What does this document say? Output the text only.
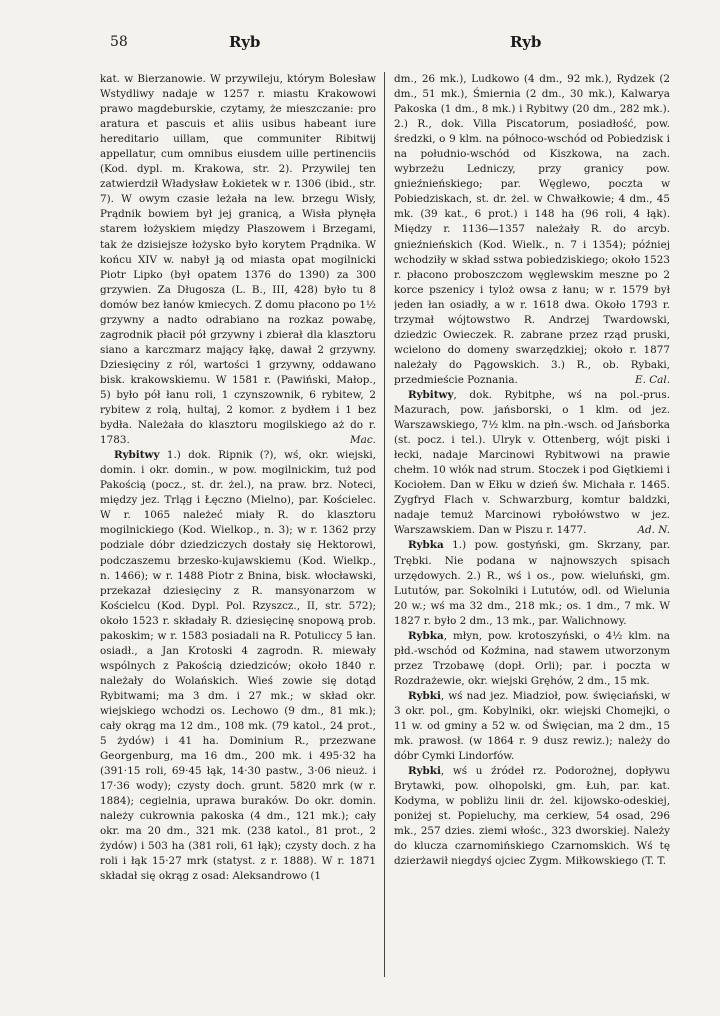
58	Ryb	Ryb

kat. w Bierzanowie. W przywileju, którym Bolesław Wstydliwy nadaje w 1257 r. miastu Krakowowi prawo magdeburskie, czytamy, że mieszczanie: pro aratura et pascuis et aliis usibus habeant iure hereditario uillam, que communiter Ribitwij appellatur, cum omnibus eiusdem uille pertinenciis (Kod. dypl. m. Krakowa, str. 2). Przywilej ten zatwierdził Władysław Łokietek w r. 1306 (ibid., str. 7). W owym czasie leżała na lew. brzegu Wisły, Prądnik bowiem był jej granicą, a Wisła płynęła starem łożyskiem między Płaszowem i Brzegami, tak że dzisiejsze łożysko było korytem Prądnika. W końcu XIV w. nabył ją od miasta opat mogilnicki Piotr Lipko (był opatem 1376 do 1390) za 300 grzywien. Za Długosza (L. B., III, 428) było tu 8 domów bez łanów kmiecych. Z domu płacono po 1½ grzywny a nadto odrabiano na rozkaz powabę, zagrodnik płacił pół grzywny i zbierał dla klasztoru siano a karczmarz mający łąkę, dawał 2 grzywny. Dziesięciny z ról, wartości 1 grzywny, oddawano bisk. krakowskiemu. W 1581 r. (Pawiński, Małop., 5) było pół łanu roli, 1 czynszownik, 6 rybitew, 2 rybitew z rolą, hultaj, 2 komor. z bydłem i 1 bez bydła. Należała do klasztoru mogilskiego aż do r. 1783.	Mac.

Rybitwy 1.) dok. Ripnik (?), wś, okr. wiejski, domin. i okr. domin., w pow. mogilnickim, tuż pod Pakością (pocz., st. dr. żel.), na praw. brz. Noteci, między jez. Trląg i Łęczno (Mielno), par. Kościelec. W r. 1065 należeć miały R. do klasztoru mogilnickiego (Kod. Wielkop., n. 3); w r. 1362 przy podziale dóbr dziedziczych dostały się Hektorowi, podczaszemu brzesko-kujawskiemu (Kod. Wielkp., n. 1466); w r. 1488 Piotr z Bnina, bisk. włocławski, przekazał dziesięciny z R. mansyonarzom w Kościelcu (Kod. Dypl. Pol. Rzyszcz., II, str. 572); około 1523 r. składały R. dziesięcinę snopową prob. pakoskim; w r. 1583 posiadali na R. Potuliccy 5 łan. osiadł., a Jan Krotoski 4 zagrodn. R. miewały wspólnych z Pakością dziedziców; około 1840 r. należały do Wolańskich. Wieś zowie się dotąd Rybitwami; ma 3 dm. i 27 mk.; w skład okr. wiejskiego wchodzi os. Lechowo (9 dm., 81 mk.); cały okrąg ma 12 dm., 108 mk. (79 katol., 24 prot., 5 żydów) i 41 ha. Dominium R., przezwane Georgenburg, ma 16 dm., 200 mk. i 495·32 ha (391·15 roli, 69·45 łąk, 14·30 pastw., 3·06 nieuż. i 17·36 wody); czysty doch. grunt. 5820 mrk (w r. 1884); cegielnia, uprawa buraków. Do okr. domin. należy cukrownia pakoska (4 dm., 121 mk.); cały okr. ma 20 dm., 321 mk. (238 katol., 81 prot., 2 żydów) i 503 ha (381 roli, 61 łąk); czysty doch. z ha roli i łąk 15·27 mrk (statyst. z r. 1888). W r. 1871 składał się okrąg z osad: Aleksandrowo (1

dm., 26 mk.), Ludkowo (4 dm., 92 mk.), Rydzek (2 dm., 51 mk.), Śmiernia (2 dm., 30 mk.), Kalwarya Pakoska (1 dm., 8 mk.) i Rybitwy (20 dm., 282 mk.). 2.) R., dok. Villa Piscatorum, posiadłość, pow. średzki, o 9 klm. na północo-wschód od Pobiedzisk i na południo-wschód od Kiszkowa, na zach. wybrzeżu Ledniczy, przy granicy pow. gnieźnieńskiego; par. Węglewo, poczta w Pobiedziskach, st. dr. żel. w Chwałkowie; 4 dm., 45 mk. (39 kat., 6 prot.) i 148 ha (96 roli, 4 łąk). Między r. 1136—1357 należały R. do arcyb. gnieźnieńskich (Kod. Wielk., n. 7 i 1354); później wchodziły w skład sstwa pobiedziskiego; około 1523 r. płacono proboszczom węglewskim meszne po 2 korce pszenicy i tyloż owsa z łanu; w r. 1579 był jeden łan osiadły, a w r. 1618 dwa. Około 1793 r. trzymał wójtowstwo R. Andrzej Twardowski, dziedzic Owieczek. R. zabrane przez rząd pruski, wcielono do domeny swarzędzkiej; około r. 1877 należały do Pągowskich. 3.) R., ob. Rybaki, przedmieście Poznania.	E. Cal.

Rybitwy, dok. Rybitphe, wś na pol.-prus. Mazurach, pow. jańsborski, o 1 klm. od jez. Warszawskiego, 7½ klm. na płn.-wsch. od Jańsborka (st. pocz. i tel.). Ulryk v. Ottenberg, wójt piski i łecki, nadaje Marcinowi Rybitwowi na prawie chełm. 10 włók nad strum. Stoczek i pod Giętkiemi i Kociołem. Dan w Ełku w dzień św. Michała r. 1465. Zygfryd Flach v. Schwarzburg, komtur baldzki, nadaje temuż Marcinowi rybołówstwo w jez. Warszawskiem. Dan w Piszu r. 1477.	Ad. N.

Rybka 1.) pow. gostyński, gm. Skrzany, par. Trębki. Nie podana w najnowszych spisach urzędowych. 2.) R., wś i os., pow. wieluński, gm. Lututów, par. Sokolniki i Lututów, odl. od Wielunia 20 w.; wś ma 32 dm., 218 mk.; os. 1 dm., 7 mk. W 1827 r. było 2 dm., 13 mk., par. Walichnowy.

Rybka, młyn, pow. krotoszyński, o 4½ klm. na płd.-wschód od Koźmina, nad stawem utworzonym przez Trzobawę (dopł. Orli); par. i poczta w Rozdrażewie, okr. wiejski Gręhów, 2 dm., 15 mk.

Rybki, wś nad jez. Miadzioł, pow. święciański, w 3 okr. pol., gm. Kobylniki, okr. wiejski Chomejki, o 11 w. od gminy a 52 w. od Święcian, ma 2 dm., 15 mk. prawosł. (w 1864 r. 9 dusz rewiz.); należy do dóbr Cymki Lindorfów.

Rybki, wś u źródeł rz. Podorożnej, dopływu Brytawki, pow. olhopolski, gm. Łuh, par. kat. Kodyma, w pobliżu linii dr. żel. kijowsko-odeskiej, poniżej st. Popieluchy, ma cerkiew, 54 osad, 296 mk., 257 dzies. ziemi włośc., 323 dworskiej. Należy do klucza czarnomińskiego Czarnomskich. Wś tę dzierżawił niegdyś ojciec Zygm. Miłkowskiego (T. T.
